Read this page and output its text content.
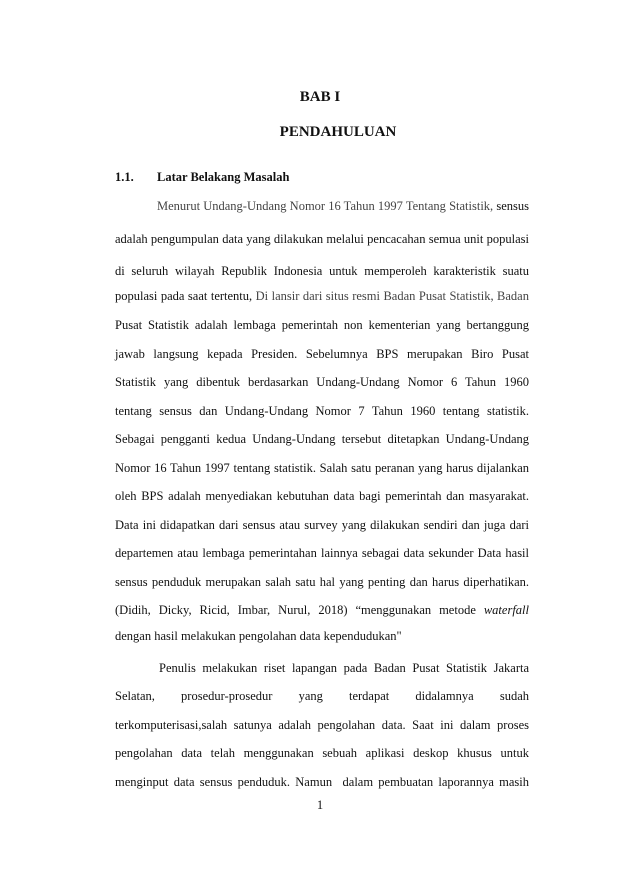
BAB I
PENDAHULUAN
1.1. Latar Belakang Masalah
Menurut Undang-Undang Nomor 16 Tahun 1997 Tentang Statistik, sensus
adalah pengumpulan data yang dilakukan melalui pencacahan semua unit populasi
di seluruh wilayah Republik Indonesia untuk memperoleh karakteristik suatu
populasi pada saat tertentu, Di lansir dari situs resmi Badan Pusat Statistik, Badan
Pusat Statistik adalah lembaga pemerintah non kementerian yang bertanggung
jawab langsung kepada Presiden. Sebelumnya BPS merupakan Biro Pusat
Statistik yang dibentuk berdasarkan Undang-Undang Nomor 6 Tahun 1960
tentang sensus dan Undang-Undang Nomor 7 Tahun 1960 tentang statistik.
Sebagai pengganti kedua Undang-Undang tersebut ditetapkan Undang-Undang
Nomor 16 Tahun 1997 tentang statistik. Salah satu peranan yang harus dijalankan
oleh BPS adalah menyediakan kebutuhan data bagi pemerintah dan masyarakat.
Data ini didapatkan dari sensus atau survey yang dilakukan sendiri dan juga dari
departemen atau lembaga pemerintahan lainnya sebagai data sekunder Data hasil
sensus penduduk merupakan salah satu hal yang penting dan harus diperhatikan.
(Didih, Dicky, Ricid, Imbar, Nurul, 2018) “menggunakan metode waterfall
dengan hasil melakukan pengolahan data kependudukan"
Penulis melakukan riset lapangan pada Badan Pusat Statistik Jakarta
Selatan,      prosedur-prosedur      yang      terdapat      didalamnya      sudah
terkomputerisasi,salah satunya adalah pengolahan data. Saat ini dalam proses
pengolahan data telah menggunakan sebuah aplikasi deskop khusus untuk
menginput data sensus penduduk. Namun  dalam pembuatan laporannya masih
1
